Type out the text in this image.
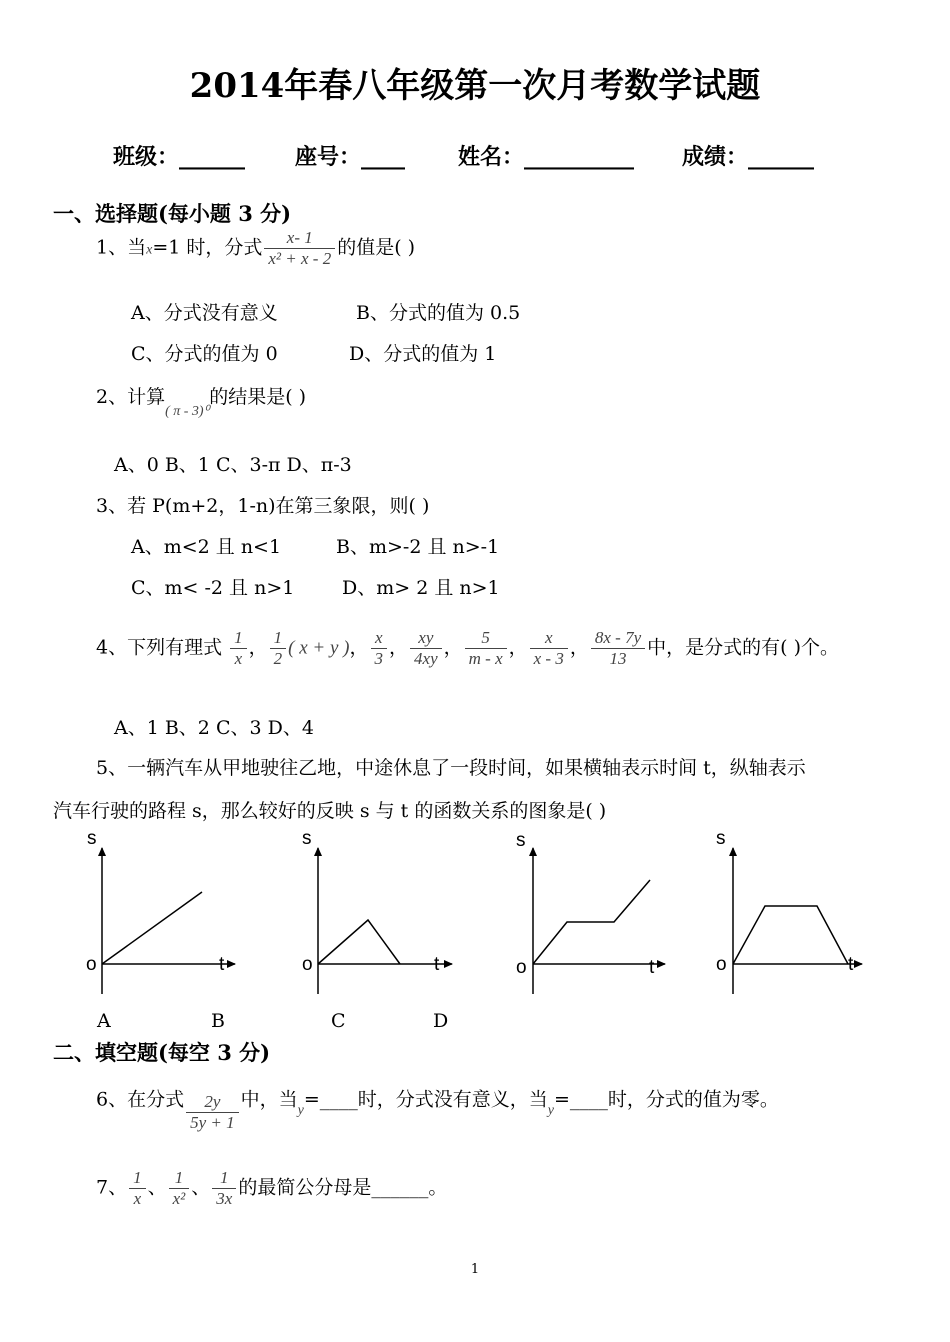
2014年春八年级第一次月考数学试题
班级：______ 座号：____ 姓名：__________ 成绩：______
一、选择题(每小题 3 分)
1、当x=1 时，分式 $\frac{x- 1}{\text{x² + x - 2}}$ 的值是( )
A、分式没有意义	B、分式的值为 0.5
C、分式的值为 0	D、分式的值为 1
2、计算$_{( \pi - 3)^0}$的结果是( )
A、0 B、1 C、3-π D、π-3
3、若 P(m+2，1-n)在第三象限，则( )
A、m<2 且 n<1	B、m>-2 且 n>-1
C、m< -2 且 n>1	D、m> 2 且 n>1
4、下列有理式 $\frac{1}{x}$ ， $\frac{1}{2}$ ( x + y )， $\frac{x}{3}$ ， $\frac{xy}{4xy}$ ， $\frac{5}{m - x}$ ， $\frac{x}{x - 3}$ ， $\frac{8x - 7y}{13}$ 中，是分式的有( )个。
A、1 B、2 C、3 D、4
5、一辆汽车从甲地驶往乙地，中途休息了一段时间，如果横轴表示时间 t，纵轴表示
汽车行驶的路程 s，那么较好的反映 s 与 t 的函数关系的图象是( )
s
o	t
s
o	t
s
o	t
s
o	t
A	B	C	D
二、填空题(每空 3 分)
6、在分式 $\frac{2y}{5y + 1}$ 中，当$_y$=____时，分式没有意义，当$_y$=____时，分式的值为零。
7、 $\frac{1}{x}$ 、 $\frac{1}{\text{x²}}$ 、 $\frac{1}{3x}$ 的最简公分母是______。
1
